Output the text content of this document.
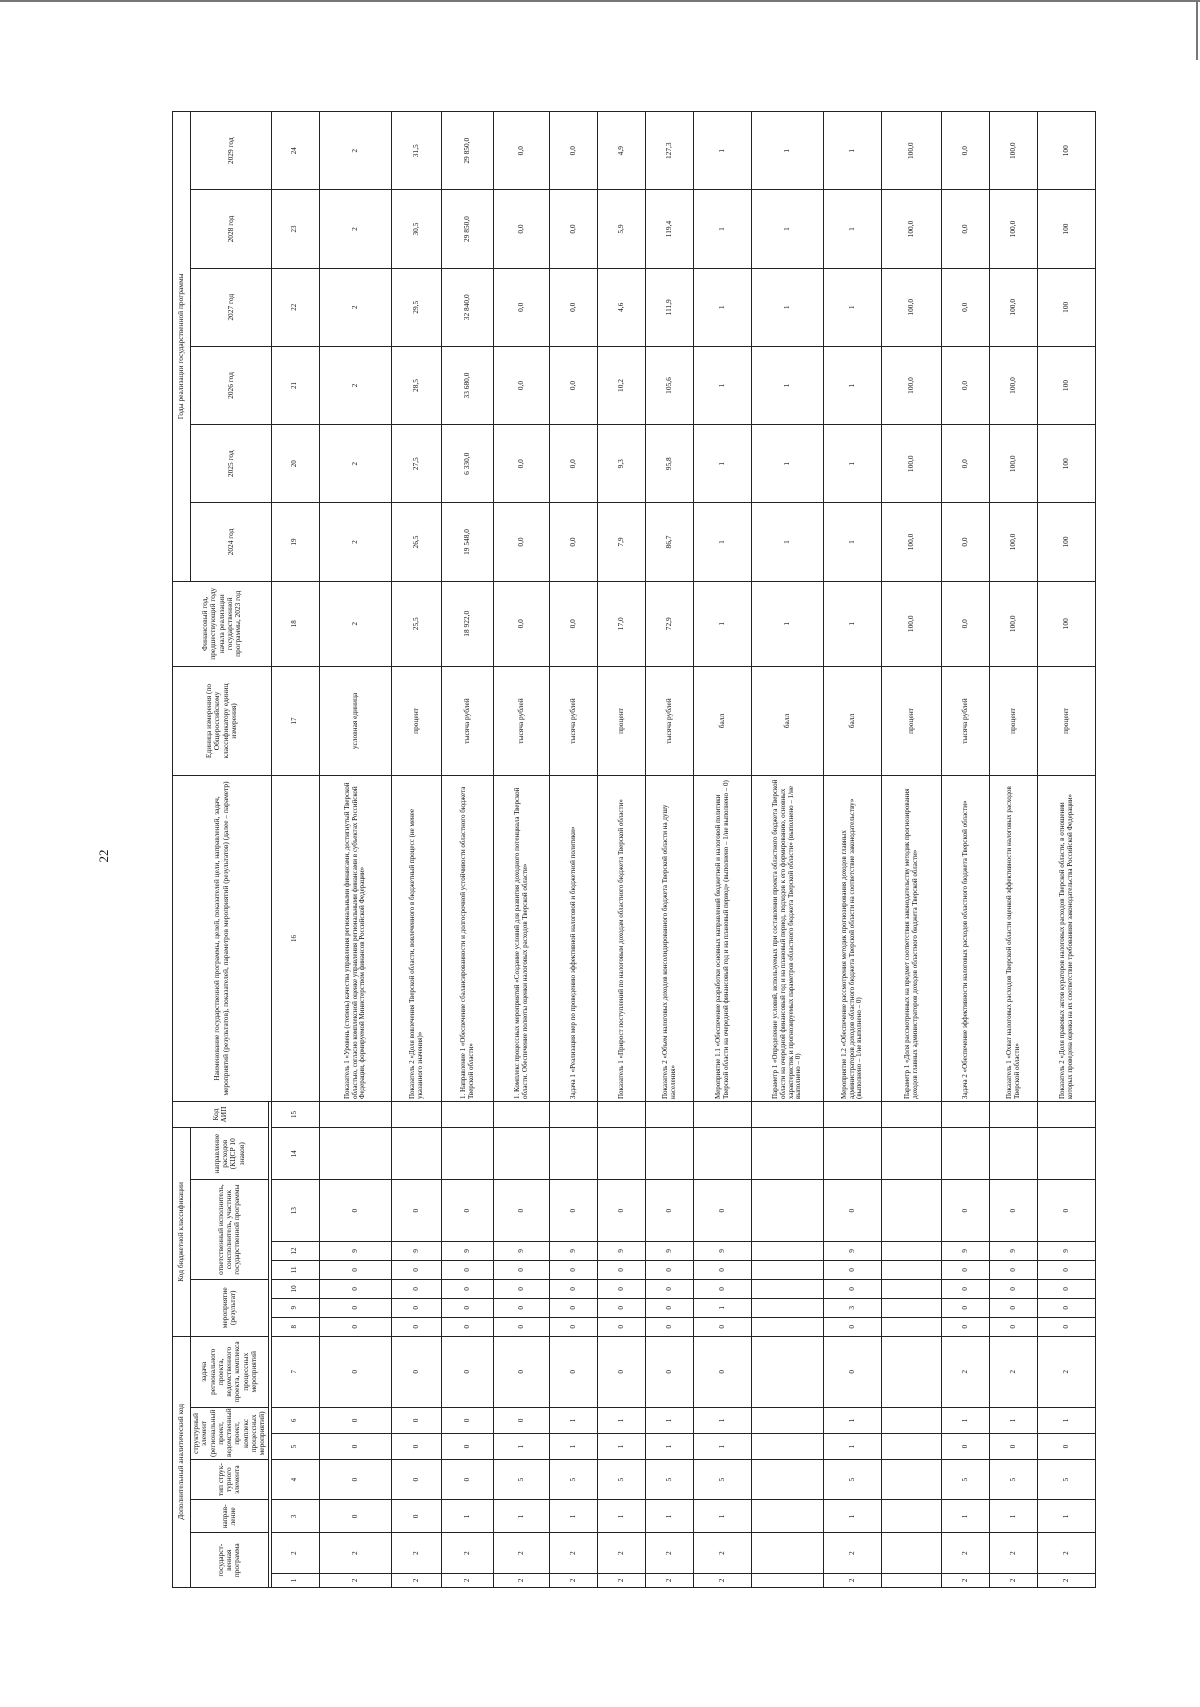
22
Дополнительный аналитический код							Код бюджетной классификации							Код АИП	Наименование государственной программы, целей, показателей цели, направлений, задач, мероприятий (результатов), показателей, параметров мероприятий (результатов) (далее – параметр)	Единица измерения (по Общероссийскому классификатору единиц измерения)	Финансовый год, предшествующий году начала реализации государственной программы, 2023 год	Годы реализации государственной программы					
государст-венная программа		направ-ление	тип струк-турного элемента	структурный элемент (региональный проект, ведомственный проект, комплекс процессных мероприятий)		задача регионального проекта, ведомственного проекта, комплекса процессных мероприятий	мероприятие (результат)			ответственный исполнитель, соисполнитель, участник государственной программы			направление расходов (КЦСР 10 знаков)					2024 год	2025 год	2026 год	2027 год	2028 год	2029 год

1	2	3	4	5	6	7	8	9	10	11	12	13	14	15	16	17	18	19	20	21	22	23	24
2	2	0	0	0	0	0	0	0	0	0	9	0			Показатель 1 «Уровень (степень) качества управления региональными финансами, достигнутый Тверской областью, согласно комплексной оценке управления региональными финансами в субъектах Российской Федерации, формируемой Министерством финансов Российской Федерации»	условная единица	2	2	2	2	2	2	2
2	2	0	0	0	0	0	0	0	0	0	9	0			Показатель 2 «Доля вовлечения Тверской области, вовлеченного в бюджетный процесс (не менее указанного значения)»	процент	25,5	26,5	27,5	28,5	29,5	30,5	31,5
2	2	1	0	0	0	0	0	0	0	0	9	0			1. Направление 1 «Обеспечение сбалансированности и долгосрочной устойчивости областного бюджета Тверской области»	тысяча рублей	18 922,0	19 548,0	6 330,0	33 680,0	32 840,0	29 850,0	29 850,0
2	2	1	5	1	0	0	0	0	0	0	9	0			1. Комплекс процессных мероприятий «Создание условий для развития доходного потенциала Тверской области. Обеспечение полноты оценки налоговых расходов Тверской области»	тысяча рублей	0,0	0,0	0,0	0,0	0,0	0,0	0,0
2	2	1	5	1	1	0	0	0	0	0	9	0			Задача 1 «Реализация мер по проведению эффективной налоговой и бюджетной политики»	тысяча рублей	0,0	0,0	0,0	0,0	0,0	0,0	0,0
2	2	1	5	1	1	0	0	0	0	0	9	0			Показатель 1 «Прирост поступлений по налоговым доходам областного бюджета Тверской области»	процент	17,0	7,9	9,3	10,2	4,6	5,9	4,9
2	2	1	5	1	1	0	0	0	0	0	9	0			Показатель 2 «Объем налоговых доходов консолидированного бюджета Тверской области на душу населения»	тысяча рублей	72,9	86,7	95,8	105,6	111,9	119,4	127,3
2	2	1	5	1	1	0	0	1	0	0	9	0			Мероприятие 1.1 «Обеспечение разработки основных направлений бюджетной и налоговой политики Тверской области на очередной финансовый год и на плановый период» (выполнено – 1/не выполнено – 0)	балл	1	1	1	1	1	1	1
															Параметр 1 «Определение условий, используемых при составлении проекта областного бюджета Тверской области на очередной финансовый год и на плановый период, подходов к его формированию, основных характеристик и прогнозируемых параметров областного бюджета Тверской области» (выполнено – 1/не выполнено – 0)	балл	1	1	1	1	1	1	1
2	2	1	5	1	1	0	0	3	0	0	9	0			Мероприятие 1.2 «Обеспечение рассмотрения методик прогнозирования доходов главных администраторов доходов областного бюджета Тверской области на соответствие законодательству» (выполнено – 1/не выполнено – 0)	балл	1	1	1	1	1	1	1
															Параметр 1 «Доля рассмотренных на предмет соответствия законодательству методик прогнозирования доходов главных администраторов доходов областного бюджета Тверской области»	процент	100,0	100,0	100,0	100,0	100,0	100,0	100,0
2	2	1	5	0	1	2	0	0	0	0	9	0			Задача 2 «Обеспечение эффективности налоговых расходов областного бюджета Тверской области»	тысяча рублей	0,0	0,0	0,0	0,0	0,0	0,0	0,0
2	2	1	5	0	1	2	0	0	0	0	9	0			Показатель 1 «Охват налоговых расходов Тверской области оценкой эффективности налоговых расходов Тверской области»	процент	100,0	100,0	100,0	100,0	100,0	100,0	100,0
2	2	1	5	0	1	2	0	0	0	0	9	0			Показатель 2 «Доля правовых актов кураторов налоговых расходов Тверской области, в отношении которых проведена оценка на их соответствие требованиям законодательства Российской Федерации»	процент	100	100	100	100	100	100	100
